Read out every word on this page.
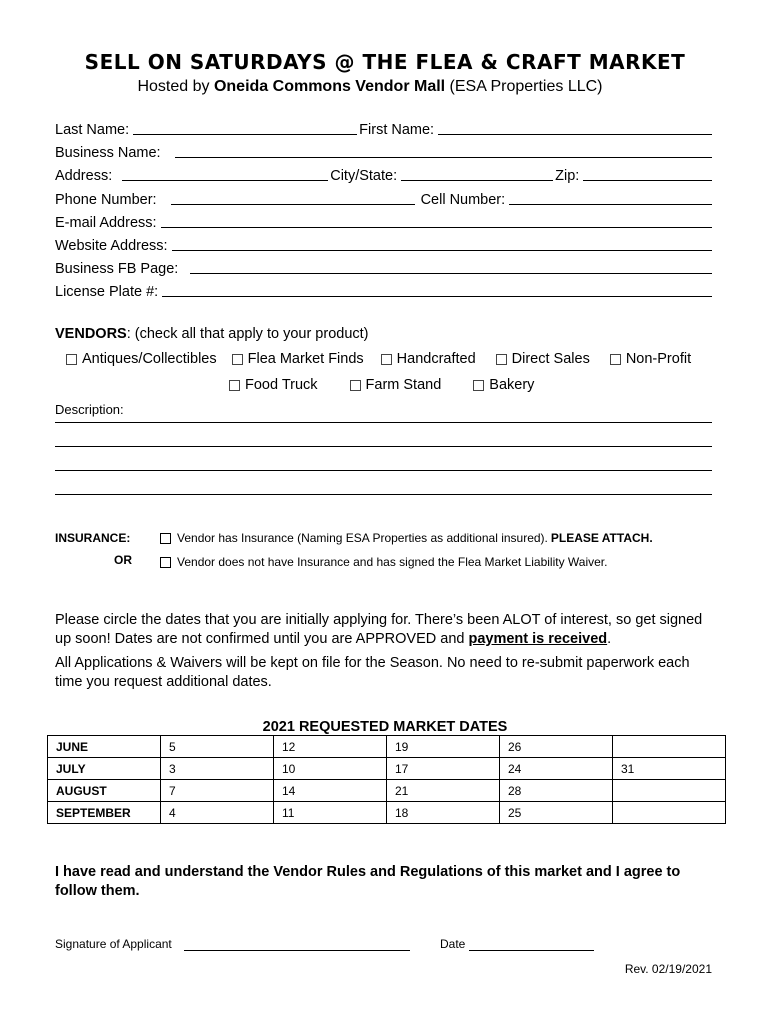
SELL ON SATURDAYS @ THE FLEA & CRAFT MARKET
Hosted by Oneida Commons Vendor Mall (ESA Properties LLC)
Last Name:	First Name:
Business Name:
Address:	City/State:	Zip:
Phone Number:	Cell Number:
E-mail Address:
Website Address:
Business FB Page:
License Plate #:
VENDORS: (check all that apply to your product)
Antiques/Collectibles Flea Market Finds Handcrafted Direct Sales Non-Profit
Food Truck	Farm Stand	Bakery
Description:
INSURANCE:
OR
Vendor has Insurance (Naming ESA Properties as additional insured). PLEASE ATTACH.
Vendor does not have Insurance and has signed the Flea Market Liability Waiver.
Please circle the dates that you are initially applying for. There’s been ALOT of interest, so get signed up soon! Dates are not confirmed until you are APPROVED and payment is received.
All Applications & Waivers will be kept on file for the Season. No need to re-submit paperwork each time you request additional dates.
2021 REQUESTED MARKET DATES
JUNE	5	12	19	26	
JULY	3	10	17	24	31
AUGUST	7	14	21	28	
SEPTEMBER	4	11	18	25	
I have read and understand the Vendor Rules and Regulations of this market and I agree to follow them.
Signature of Applicant	Date
Rev. 02/19/2021
